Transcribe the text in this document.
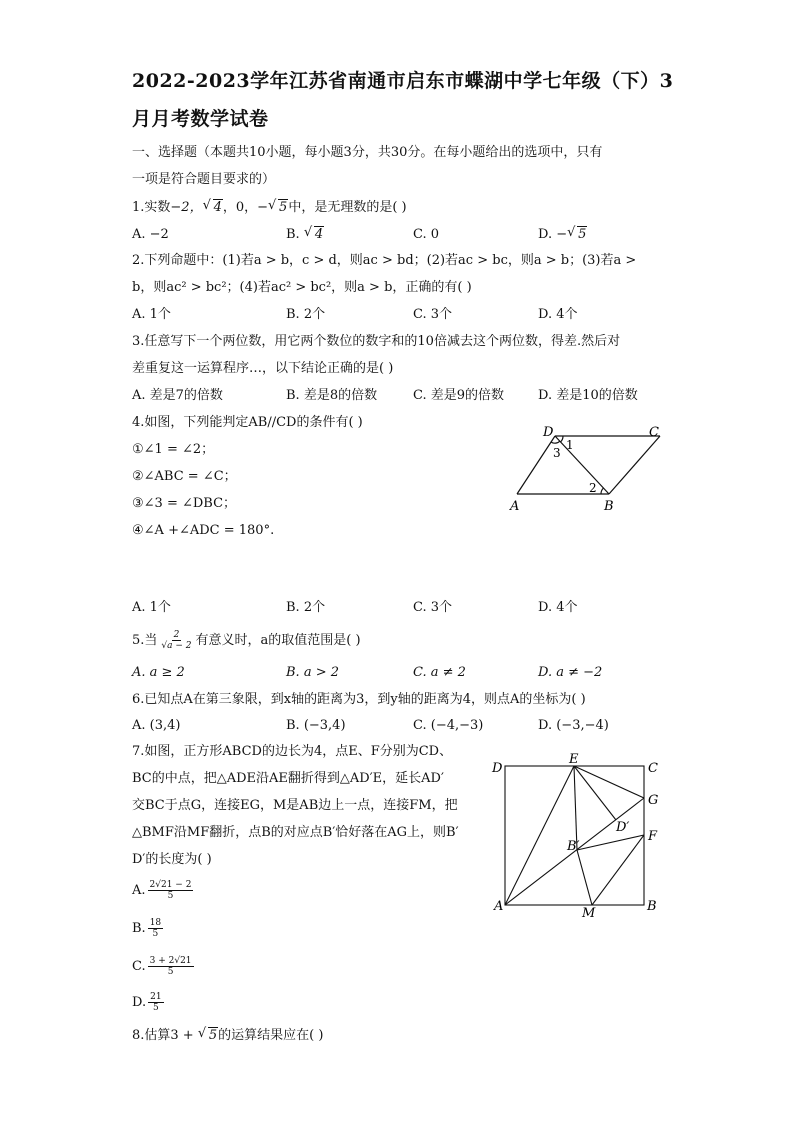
2022-2023学年江苏省南通市启东市蝶湖中学七年级（下）3月月考数学试卷
一、选择题（本题共10小题，每小题3分，共30分。在每小题给出的选项中，只有
一项是符合题目要求的）
1.实数−2， √ 4，0，− √ 5中，是无理数的是( )
A. −2	B. √ 4	C. 0	D. − √ 5
2.下列命题中：(1)若a > b，c > d，则ac > bd；(2)若ac > bc，则a > b；(3)若a >
b，则ac² > bc²；(4)若ac² > bc²，则a > b，正确的有( )
A. 1个	B. 2个	C. 3个	D. 4个
3.任意写下一个两位数，用它两个数位的数字和的10倍减去这个两位数，得差.然后对
差重复这一运算程序…，以下结论正确的是( )
A. 差是7的倍数	B. 差是8的倍数	C. 差是9的倍数	D. 差是10的倍数
4.如图，下列能判定AB//CD的条件有( )
①∠1 = ∠2；
②∠ABC = ∠C；
③∠3 = ∠DBC；
④∠A +∠ADC = 180°.
D	C
A	B
1
3
2
A. 1个	B. 2个	C. 3个	D. 4个
5.当 $\frac{2}{√a - 2}$ 有意义时，a的取值范围是( )
A. a ≥ 2	B. a > 2	C. a ≠ 2	D. a ≠ −2
6.已知点A在第三象限，到x轴的距离为3，到y轴的距离为4，则点A的坐标为( )
A. (3,4)	B. (−3,4)	C. (−4,−3)	D. (−3,−4)
7.如图，正方形ABCD的边长为4，点E、F分别为CD、
BC的中点，把△ADE沿AE翻折得到△AD′E，延长AD′
交BC于点G，连接EG，M是AB边上一点，连接FM，把
△BMF沿MF翻折，点B的对应点B′恰好落在AG上，则B′
D′的长度为( )
A. $\frac{2√21 - 2}{5}$
B. $\frac{18}{5}$
C. $\frac{3 + 2√21}{5}$
D. $\frac{21}{5}$
D
E
C
G
D′
F
B′
A	M	B
8.估算3 + √ 5的运算结果应在( )
